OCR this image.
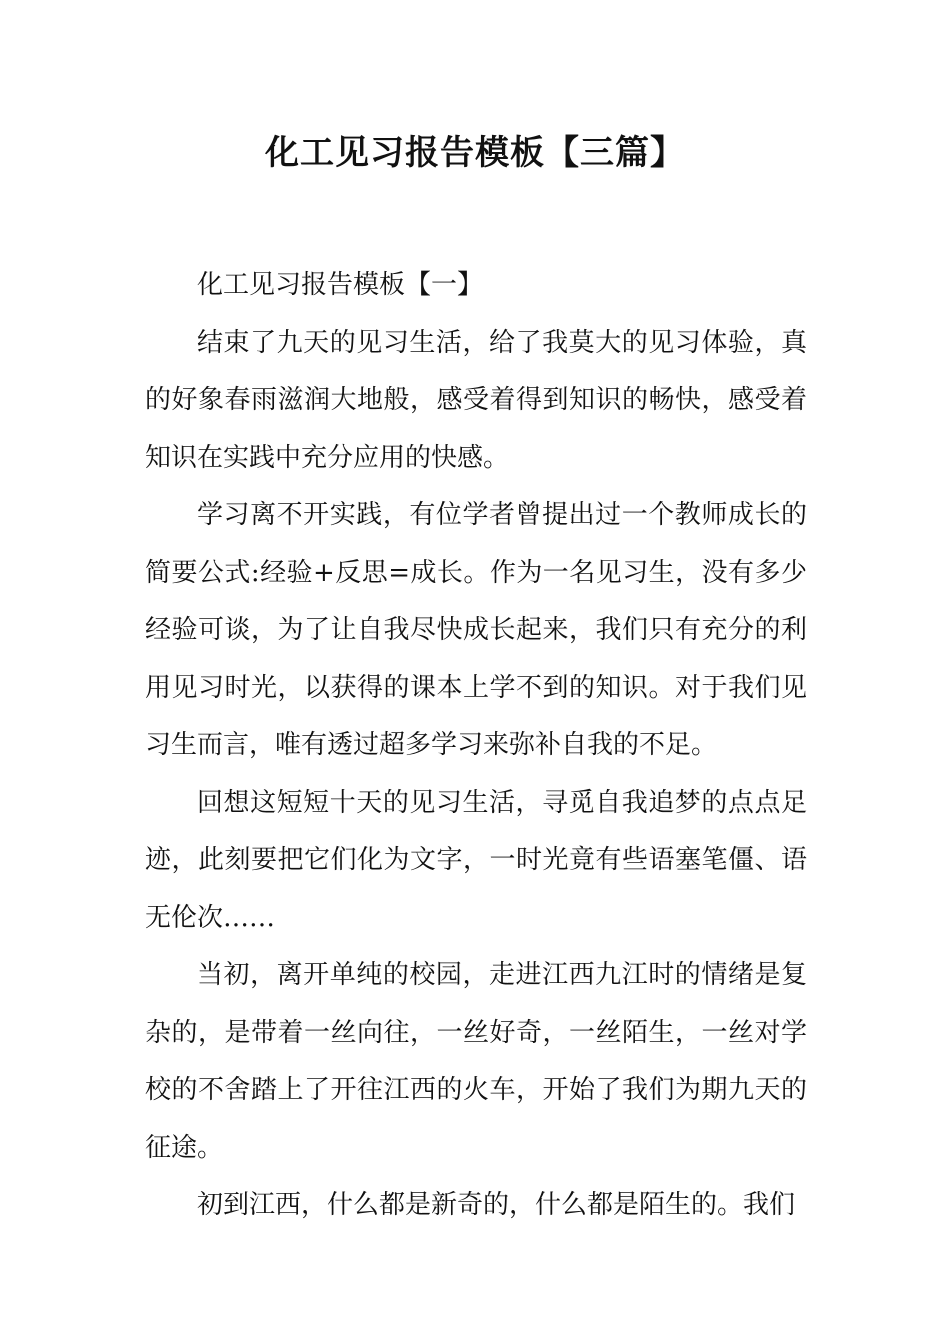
化工见习报告模板【三篇】

化工见习报告模板【一】

结束了九天的见习生活，给了我莫大的见习体验，真的好象春雨滋润大地般，感受着得到知识的畅快，感受着知识在实践中充分应用的快感。

学习离不开实践，有位学者曾提出过一个教师成长的简要公式:经验+反思=成长。作为一名见习生，没有多少经验可谈，为了让自我尽快成长起来，我们只有充分的利用见习时光，以获得的课本上学不到的知识。对于我们见习生而言，唯有透过超多学习来弥补自我的不足。

回想这短短十天的见习生活，寻觅自我追梦的点点足迹，此刻要把它们化为文字，一时光竟有些语塞笔僵、语无伦次……

当初，离开单纯的校园，走进江西九江时的情绪是复杂的，是带着一丝向往，一丝好奇，一丝陌生，一丝对学校的不舍踏上了开往江西的火车，开始了我们为期九天的征途。

初到江西，什么都是新奇的，什么都是陌生的。我们
